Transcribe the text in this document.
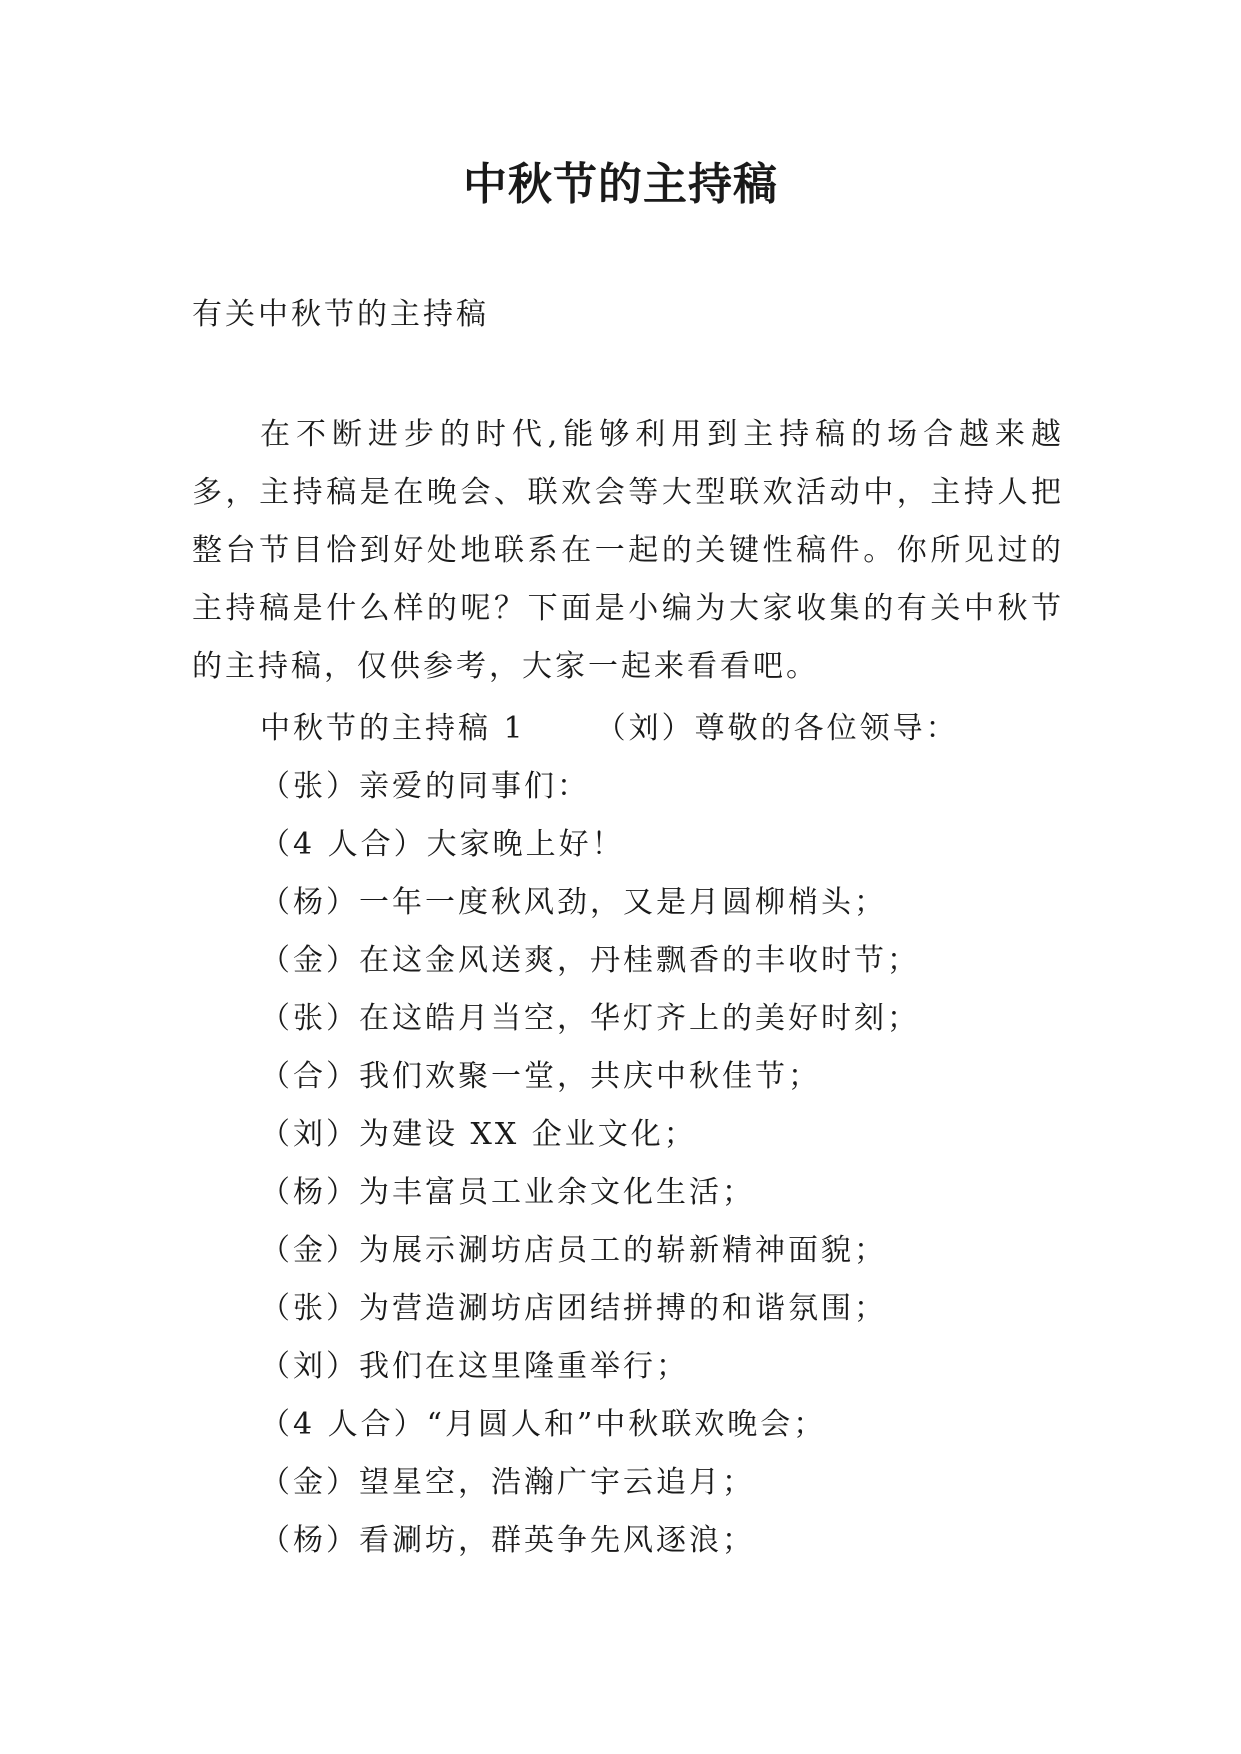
中秋节的主持稿

有关中秋节的主持稿

在不断进步的时代,能够利用到主持稿的场合越来越多，主持稿是在晚会、联欢会等大型联欢活动中，主持人把整台节目恰到好处地联系在一起的关键性稿件。你所见过的主持稿是什么样的呢？下面是小编为大家收集的有关中秋节的主持稿，仅供参考，大家一起来看看吧。

中秋节的主持稿 1 （刘）尊敬的各位领导：
（张）亲爱的同事们：
（4 人合）大家晚上好！
（杨）一年一度秋风劲，又是月圆柳梢头；
（金）在这金风送爽，丹桂飘香的丰收时节；
（张）在这皓月当空，华灯齐上的美好时刻；
（合）我们欢聚一堂，共庆中秋佳节；
（刘）为建设 XX 企业文化；
（杨）为丰富员工业余文化生活；
（金）为展示涮坊店员工的崭新精神面貌；
（张）为营造涮坊店团结拼搏的和谐氛围；
（刘）我们在这里隆重举行；
（4 人合）“月圆人和”中秋联欢晚会；
（金）望星空，浩瀚广宇云追月；
（杨）看涮坊，群英争先风逐浪；
